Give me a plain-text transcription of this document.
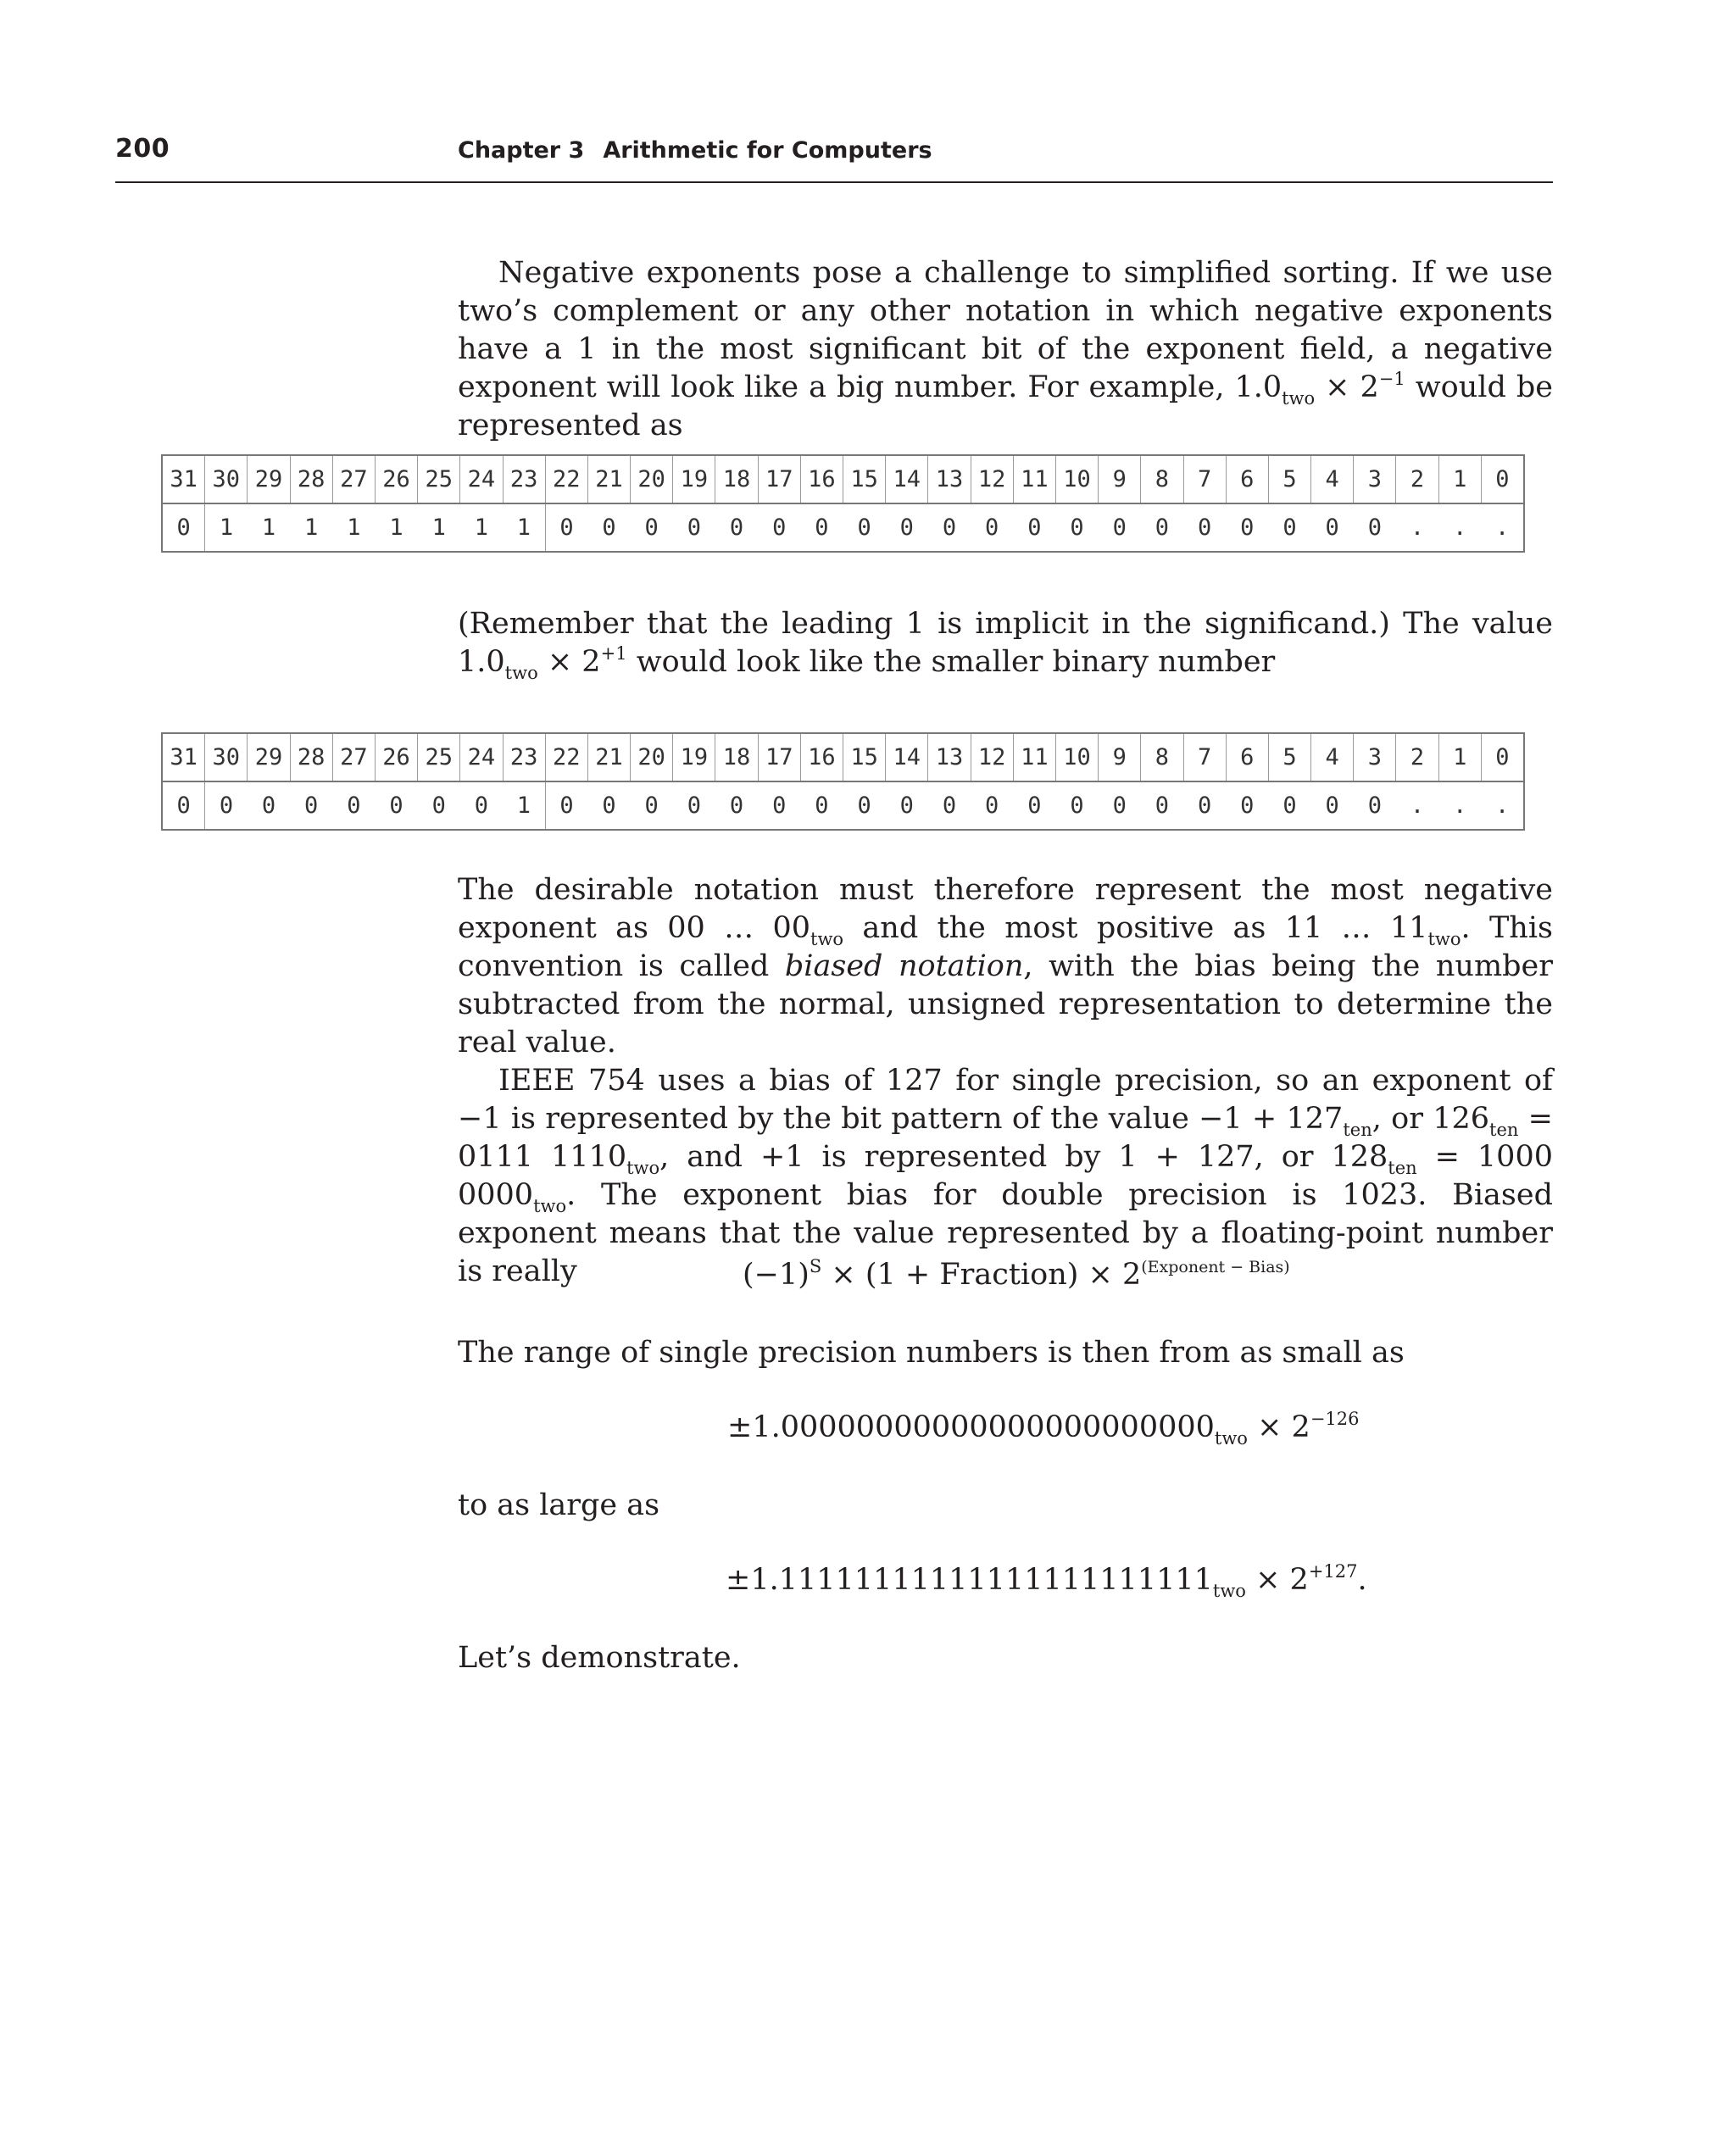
200	Chapter 3 Arithmetic for Computers

Negative exponents pose a challenge to simplified sorting. If we use two’s complement or any other notation in which negative exponents have a 1 in the most significant bit of the exponent field, a negative exponent will look like a big number. For example, $1.0_{two} \times 2^{-1}$ would be represented as

31	30	29	28	27	26	25	24	23	22	21	20	19	18	17	16	15	14	13	12	11	10	9	8	7	6	5	4	3	2	1	0
0	1	1	1	1	1	1	1	1	0	0	0	0	0	0	0	0	0	0	0	0	0	0	0	0	0	0	0	0	.	.	.

(Remember that the leading 1 is implicit in the significand.) The value $1.0_{two} \times 2^{+1}$ would look like the smaller binary number

31	30	29	28	27	26	25	24	23	22	21	20	19	18	17	16	15	14	13	12	11	10	9	8	7	6	5	4	3	2	1	0
0	0	0	0	0	0	0	0	1	0	0	0	0	0	0	0	0	0	0	0	0	0	0	0	0	0	0	0	0	.	.	.

The desirable notation must therefore represent the most negative exponent as 00 … $00_{two}$ and the most positive as 11 … $11_{two}$. This convention is called biased notation, with the bias being the number subtracted from the normal, unsigned representation to determine the real value.

IEEE 754 uses a bias of 127 for single precision, so an exponent of −1 is represented by the bit pattern of the value $-1 + 127_{ten}$, or $126_{ten} = 0111$ $1110_{two}$, and +1 is represented by 1 + 127, or $128_{ten} = 1000$ $0000_{two}$. The exponent bias for double precision is 1023. Biased exponent means that the value represented by a floating-point number is really	$(-1)^S \times (1$ + Fraction) × $2^{(Exponent - Bias)}$

The range of single precision numbers is then from as small as

$\pm 1.00000000000000000000000_{two} \times 2^{-126}$

to as large as

$\pm 1.11111111111111111111111_{two} \times 2^{+127}$.

Let’s demonstrate.
